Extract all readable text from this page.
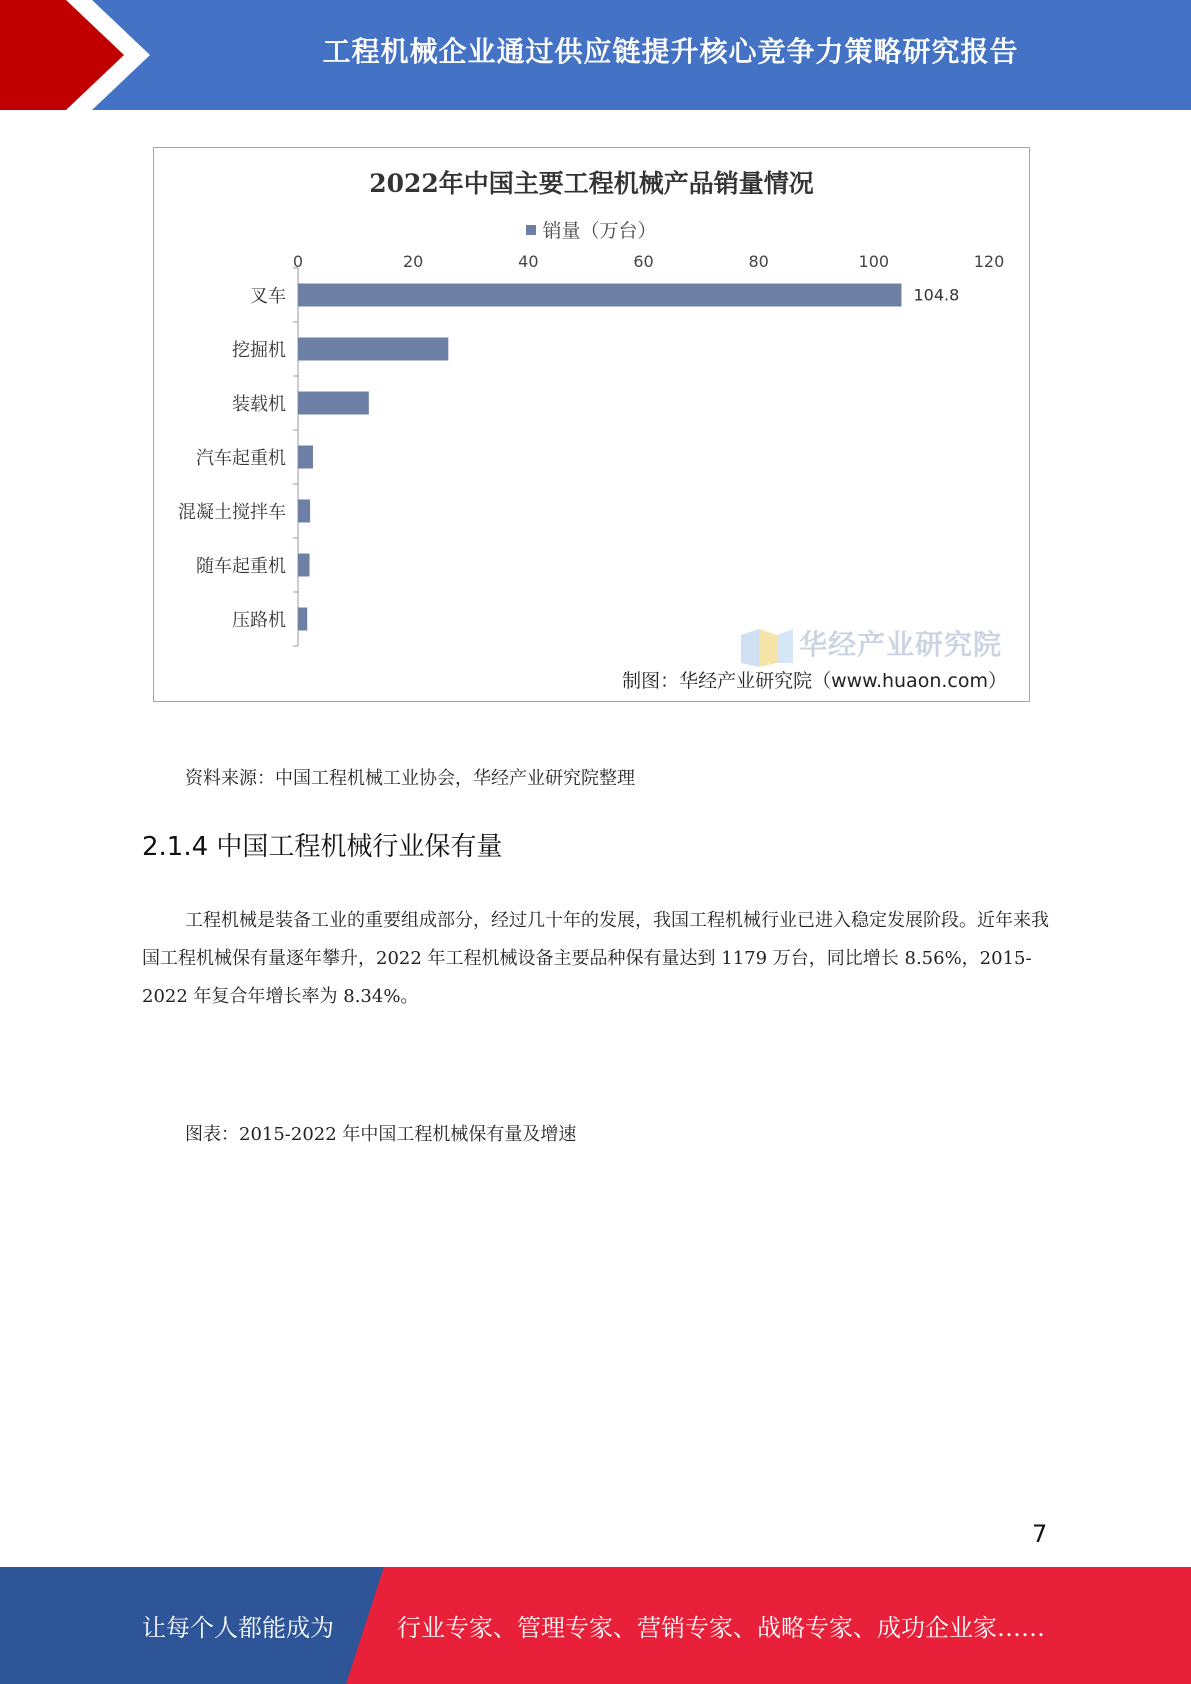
工程机械企业通过供应链提升核心竞争力策略研究报告
2022年中国主要工程机械产品销量情况
销量（万台）
0	20	40	60	80	100	120
叉车	104.8
挖掘机
装载机
汽车起重机
混凝土搅拌车
随车起重机
压路机
华经产业研究院
制图：华经产业研究院（www.huaon.com）
资料来源：中国工程机械工业协会，华经产业研究院整理
2.1.4 中国工程机械行业保有量
工程机械是装备工业的重要组成部分，经过几十年的发展，我国工程机械行业已进入稳定发展阶段。近年来我国工程机械保有量逐年攀升，2022 年工程机械设备主要品种保有量达到 1179 万台，同比增长 8.56%，2015-2022 年复合年增长率为 8.34%。
图表：2015-2022 年中国工程机械保有量及增速
7
让每个人都能成为	行业专家、管理专家、营销专家、战略专家、成功企业家……
